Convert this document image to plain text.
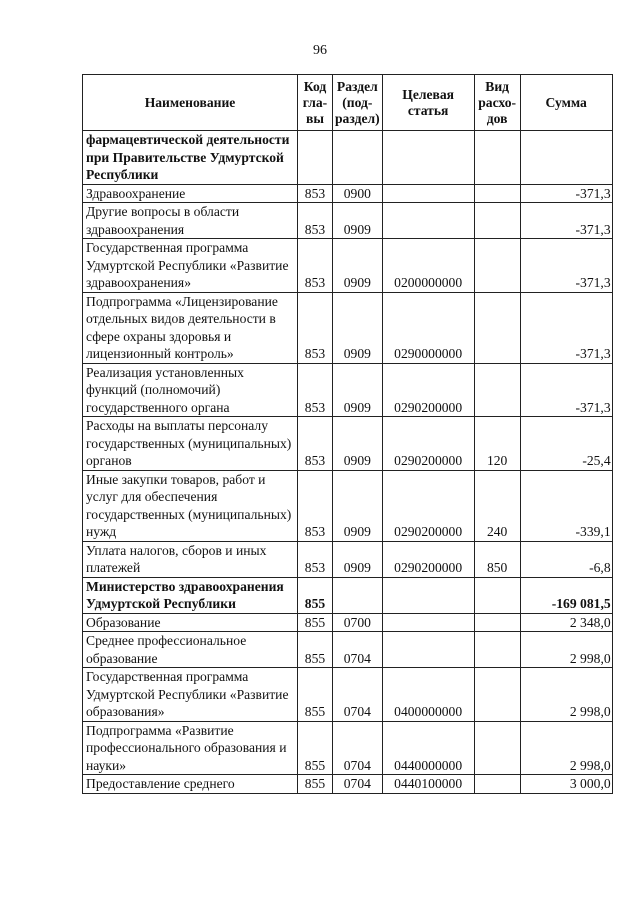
96
Наименование	Код гла-вы	Раздел (под-раздел)	Целевая статья	Вид расхо-дов	Сумма
фармацевтической деятельности при Правительстве Удмуртской Республики					
Здравоохранение	853	0900			-371,3
Другие вопросы в области здравоохранения	853	0909			-371,3
Государственная программа Удмуртской Республики «Развитие здравоохранения»	853	0909	0200000000		-371,3
Подпрограмма «Лицензирование отдельных видов деятельности в сфере охраны здоровья и лицензионный контроль»	853	0909	0290000000		-371,3
Реализация установленных функций (полномочий) государственного органа	853	0909	0290200000		-371,3
Расходы на выплаты персоналу государственных (муниципальных) органов	853	0909	0290200000	120	-25,4
Иные закупки товаров, работ и услуг для обеспечения государственных (муниципальных) нужд	853	0909	0290200000	240	-339,1
Уплата налогов, сборов и иных платежей	853	0909	0290200000	850	-6,8
Министерство здравоохранения Удмуртской Республики	855				-169 081,5
Образование	855	0700			2 348,0
Среднее профессиональное образование	855	0704			2 998,0
Государственная программа Удмуртской Республики «Развитие образования»	855	0704	0400000000		2 998,0
Подпрограмма «Развитие профессионального образования и науки»	855	0704	0440000000		2 998,0
Предоставление среднего	855	0704	0440100000		3 000,0
